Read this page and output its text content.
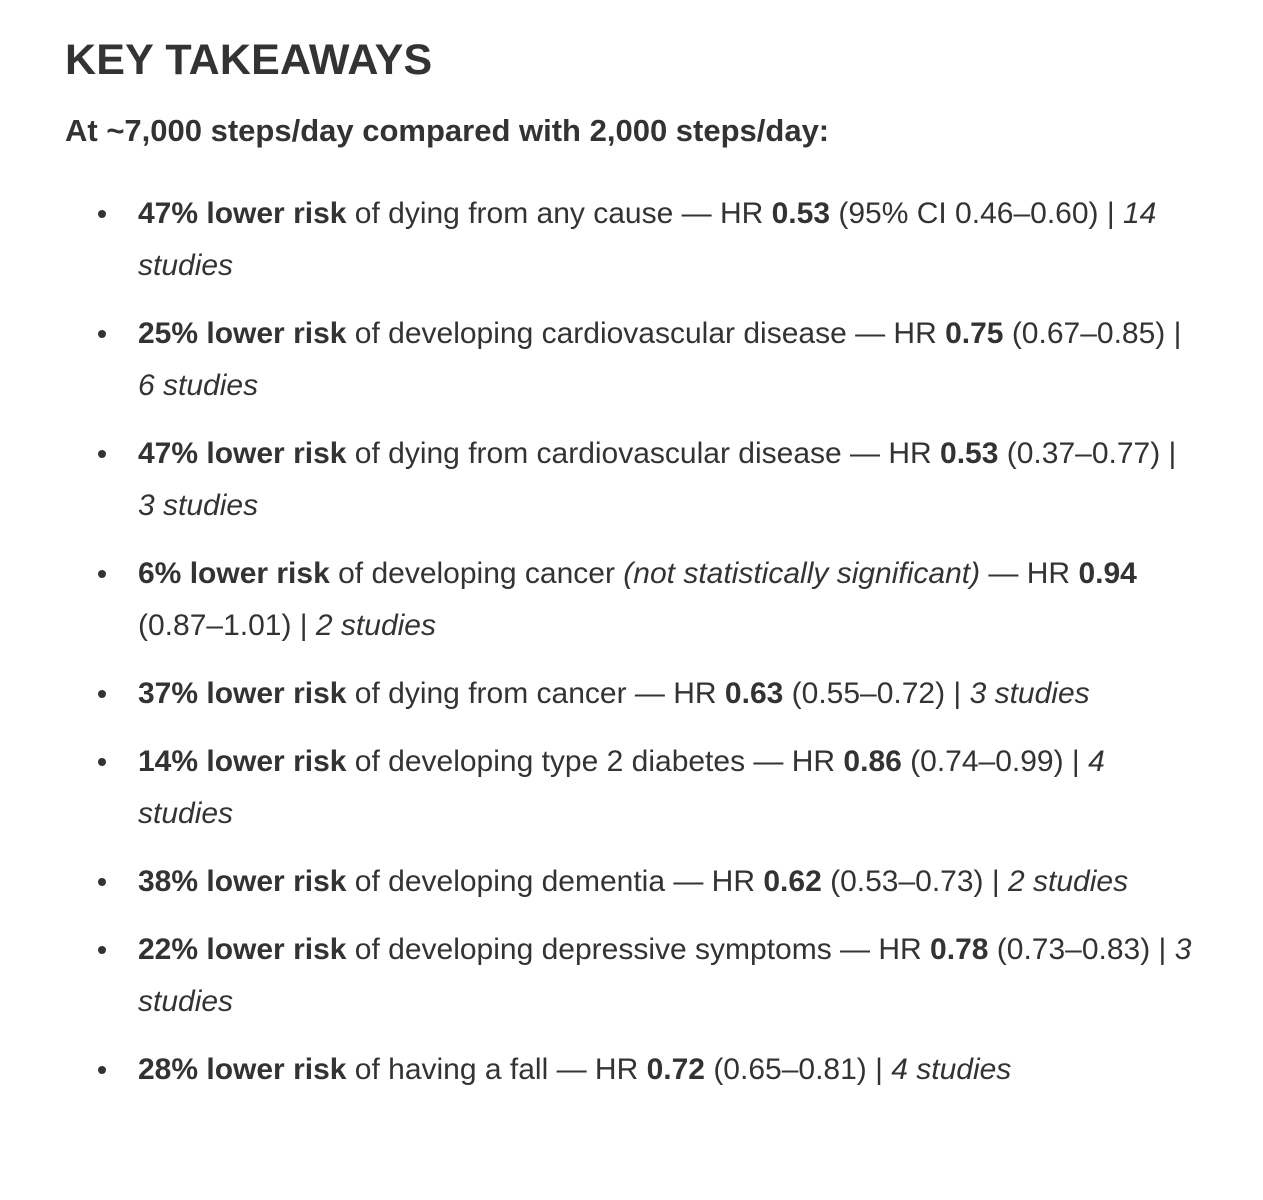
KEY TAKEAWAYS

At ~7,000 steps/day compared with 2,000 steps/day:

47% lower risk of dying from any cause — HR 0.53 (95% CI 0.46–0.60) | 14 studies
25% lower risk of developing cardiovascular disease — HR 0.75 (0.67–0.85) | 6 studies
47% lower risk of dying from cardiovascular disease — HR 0.53 (0.37–0.77) | 3 studies
6% lower risk of developing cancer (not statistically significant) — HR 0.94 (0.87–1.01) | 2 studies
37% lower risk of dying from cancer — HR 0.63 (0.55–0.72) | 3 studies
14% lower risk of developing type 2 diabetes — HR 0.86 (0.74–0.99) | 4 studies
38% lower risk of developing dementia — HR 0.62 (0.53–0.73) | 2 studies
22% lower risk of developing depressive symptoms — HR 0.78 (0.73–0.83) | 3 studies
28% lower risk of having a fall — HR 0.72 (0.65–0.81) | 4 studies
